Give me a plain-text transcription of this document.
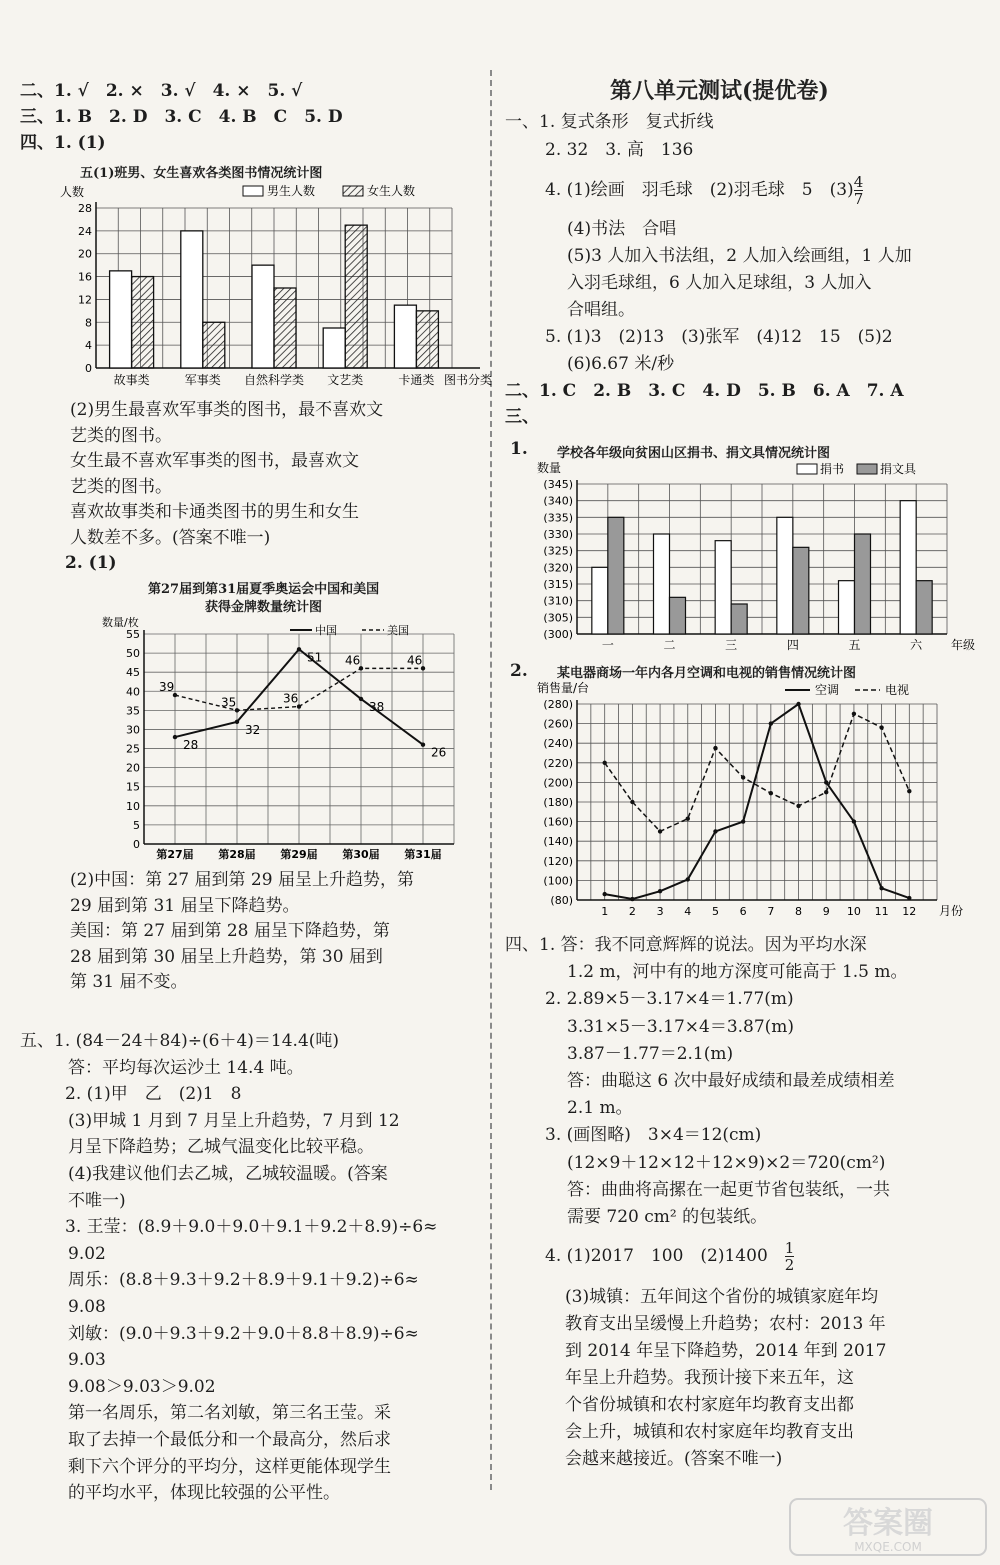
二、1. √　2. ×　3. √　4. ×　5. √
三、1. B　2. D　3. C　4. B　C　5. D
四、1. (1)
五(1)班男、女生喜欢各类图书情况统计图
人数
0
4
8
12
16
20
24
28
故事类	军事类 自然科学类 文艺类	卡通类 图书分类
男生人数	女生人数
(2)男生最喜欢军事类的图书，最不喜欢文
艺类的图书。
女生最不喜欢军事类的图书，最喜欢文
艺类的图书。
喜欢故事类和卡通类图书的男生和女生
人数差不多。(答案不唯一)
2. (1)
第27届到第31届夏季奥运会中国和美国
获得金牌数量统计图
数量/枚
0
5
10
15
20
25
30
35
40
45
50
55
第27届 第28届 第29届 第30届 第31届
28
32
51
38
26
39
35	36
46	46
中国	美国
(2)中国：第 27 届到第 29 届呈上升趋势，第
29 届到第 31 届呈下降趋势。
美国：第 27 届到第 28 届呈下降趋势，第
28 届到第 30 届呈上升趋势，第 30 届到
第 31 届不变。
五、1. (84－24＋84)÷(6＋4)＝14.4(吨)
答：平均每次运沙土 14.4 吨。
2. (1)甲　乙　(2)1　8
(3)甲城 1 月到 7 月呈上升趋势，7 月到 12
月呈下降趋势；乙城气温变化比较平稳。
(4)我建议他们去乙城，乙城较温暖。(答案
不唯一)
3. 王莹：(8.9＋9.0＋9.0＋9.1＋9.2＋8.9)÷6≈
9.02
周乐：(8.8＋9.3＋9.2＋8.9＋9.1＋9.2)÷6≈
9.08
刘敏：(9.0＋9.3＋9.2＋9.0＋8.8＋8.9)÷6≈
9.03
9.08＞9.03＞9.02
第一名周乐，第二名刘敏，第三名王莹。采
取了去掉一个最低分和一个最高分，然后求
剩下六个评分的平均分，这样更能体现学生
的平均水平，体现比较强的公平性。
第八单元测试(提优卷)
一、1. 复式条形　复式折线
2. 32　3. 高　136
4. (1)绘画　羽毛球　(2)羽毛球　5　$(3) \frac{4}{7}$
(4)书法　合唱
(5)3 人加入书法组，2 人加入绘画组，1 人加
入羽毛球组，6 人加入足球组，3 人加入
合唱组。
5. (1)3　(2)13　(3)张军　(4)12　15　(5)2
(6)6.67 米/秒
二、1. C　2. B　3. C　4. D　5. B　6. A　7. A
三、
1. 学校各年级向贫困山区捐书、捐文具情况统计图
数量
(300)
(305)
(310)
(315)
(320)
(325)
(330)
(335)
(340)
(345)
一	二	三	四	五	六 年级
捐书	捐文具
2. 某电器商场一年内各月空调和电视的销售情况统计图
销售量/台
(80)
(100)
(120)
(140)
(160)
(180)
(200)
(220)
(240)
(260)
(280)
1 2 3 4 5 6 7 8 9 10 11 12 月份
空调	电视
四、1. 答：我不同意辉辉的说法。因为平均水深
1.2 m，河中有的地方深度可能高于 1.5 m。
2. 2.89×5－3.17×4＝1.77(m)
3.31×5－3.17×4＝3.87(m)
3.87－1.77＝2.1(m)
答：曲聪这 6 次中最好成绩和最差成绩相差
2.1 m。
3. (画图略)　3×4＝12(cm)
(12×9＋12×12＋12×9)×2＝720(cm²)
答：曲曲将高摞在一起更节省包装纸，一共
需要 720 cm² 的包装纸。
4. (1)2017　100　(2)1400　 $\frac{1}{2}$
(3)城镇：五年间这个省份的城镇家庭年均
教育支出呈缓慢上升趋势；农村：2013 年
到 2014 年呈下降趋势，2014 年到 2017
年呈上升趋势。我预计接下来五年，这
个省份城镇和农村家庭年均教育支出都
会上升，城镇和农村家庭年均教育支出
会越来越接近。(答案不唯一)
答案圈
MXQE.COM
